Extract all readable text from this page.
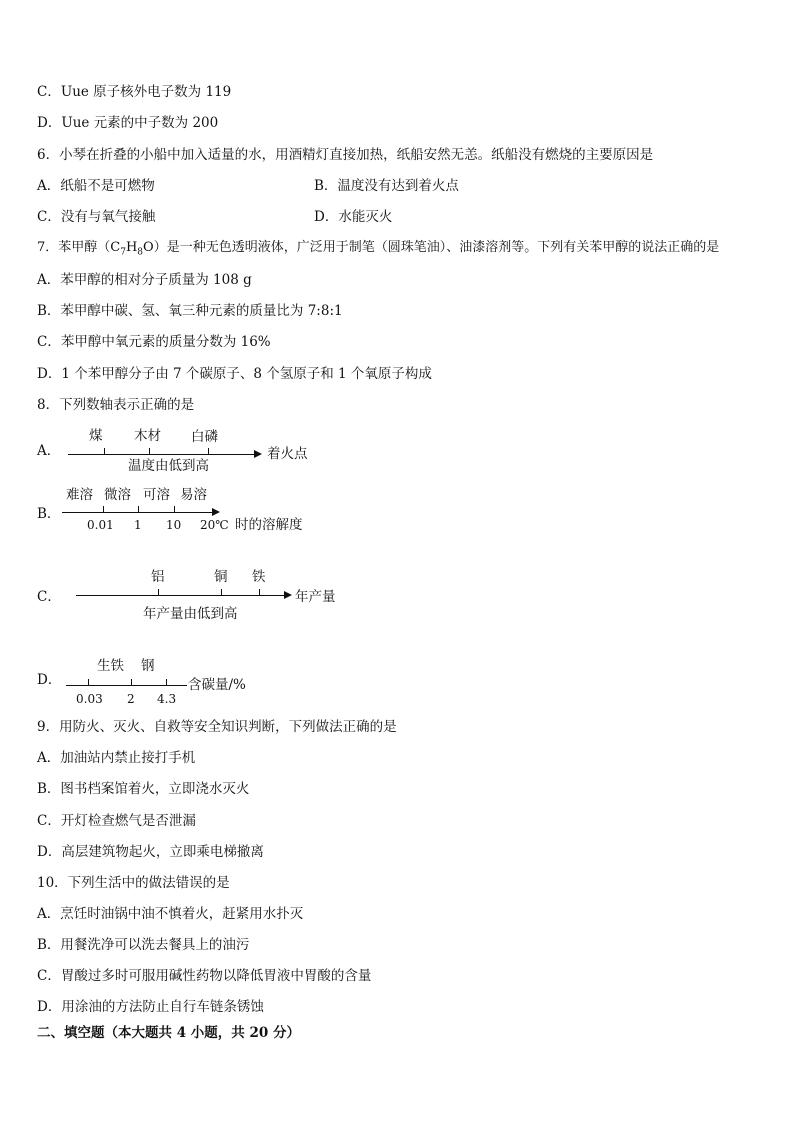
C．Uue 原子核外电子数为 119
D．Uue 元素的中子数为 200
6．小琴在折叠的小船中加入适量的水，用酒精灯直接加热，纸船安然无恙。纸船没有燃烧的主要原因是
A．纸船不是可燃物	B．温度没有达到着火点
C．没有与氧气接触	D．水能灭火
7．苯甲醇$(C_7H_8O)$是一种无色透明液体，广泛用于制笔（圆珠笔油）、油漆溶剂等。下列有关苯甲醇的说法正确的是
A．苯甲醇的相对分子质量为 108 g
B．苯甲醇中碳、氢、氧三种元素的质量比为 7:8:1
C．苯甲醇中氧元素的质量分数为 16%
D．1 个苯甲醇分子由 7 个碳原子、8 个氢原子和 1 个氧原子构成
8．下列数轴表示正确的是
A．
煤 木材 白磷
着火点
温度由低到高
B．
难溶 微溶 可溶 易溶
0.01 1 10 20℃ 时的溶解度
C．
铝	铜 铁
年产量
年产量由低到高
D．
生铁 钢
0.03 2 4.3
含碳量/%
9．用防火、灭火、自救等安全知识判断，下列做法正确的是
A．加油站内禁止接打手机
B．图书档案馆着火，立即浇水灭火
C．开灯检查燃气是否泄漏
D．高层建筑物起火，立即乘电梯撤离
10．下列生活中的做法错误的是
A．烹饪时油锅中油不慎着火，赶紧用水扑灭
B．用餐洗净可以洗去餐具上的油污
C．胃酸过多时可服用碱性药物以降低胃液中胃酸的含量
D．用涂油的方法防止自行车链条锈蚀
二、填空题（本大题共 4 小题，共 20 分）
